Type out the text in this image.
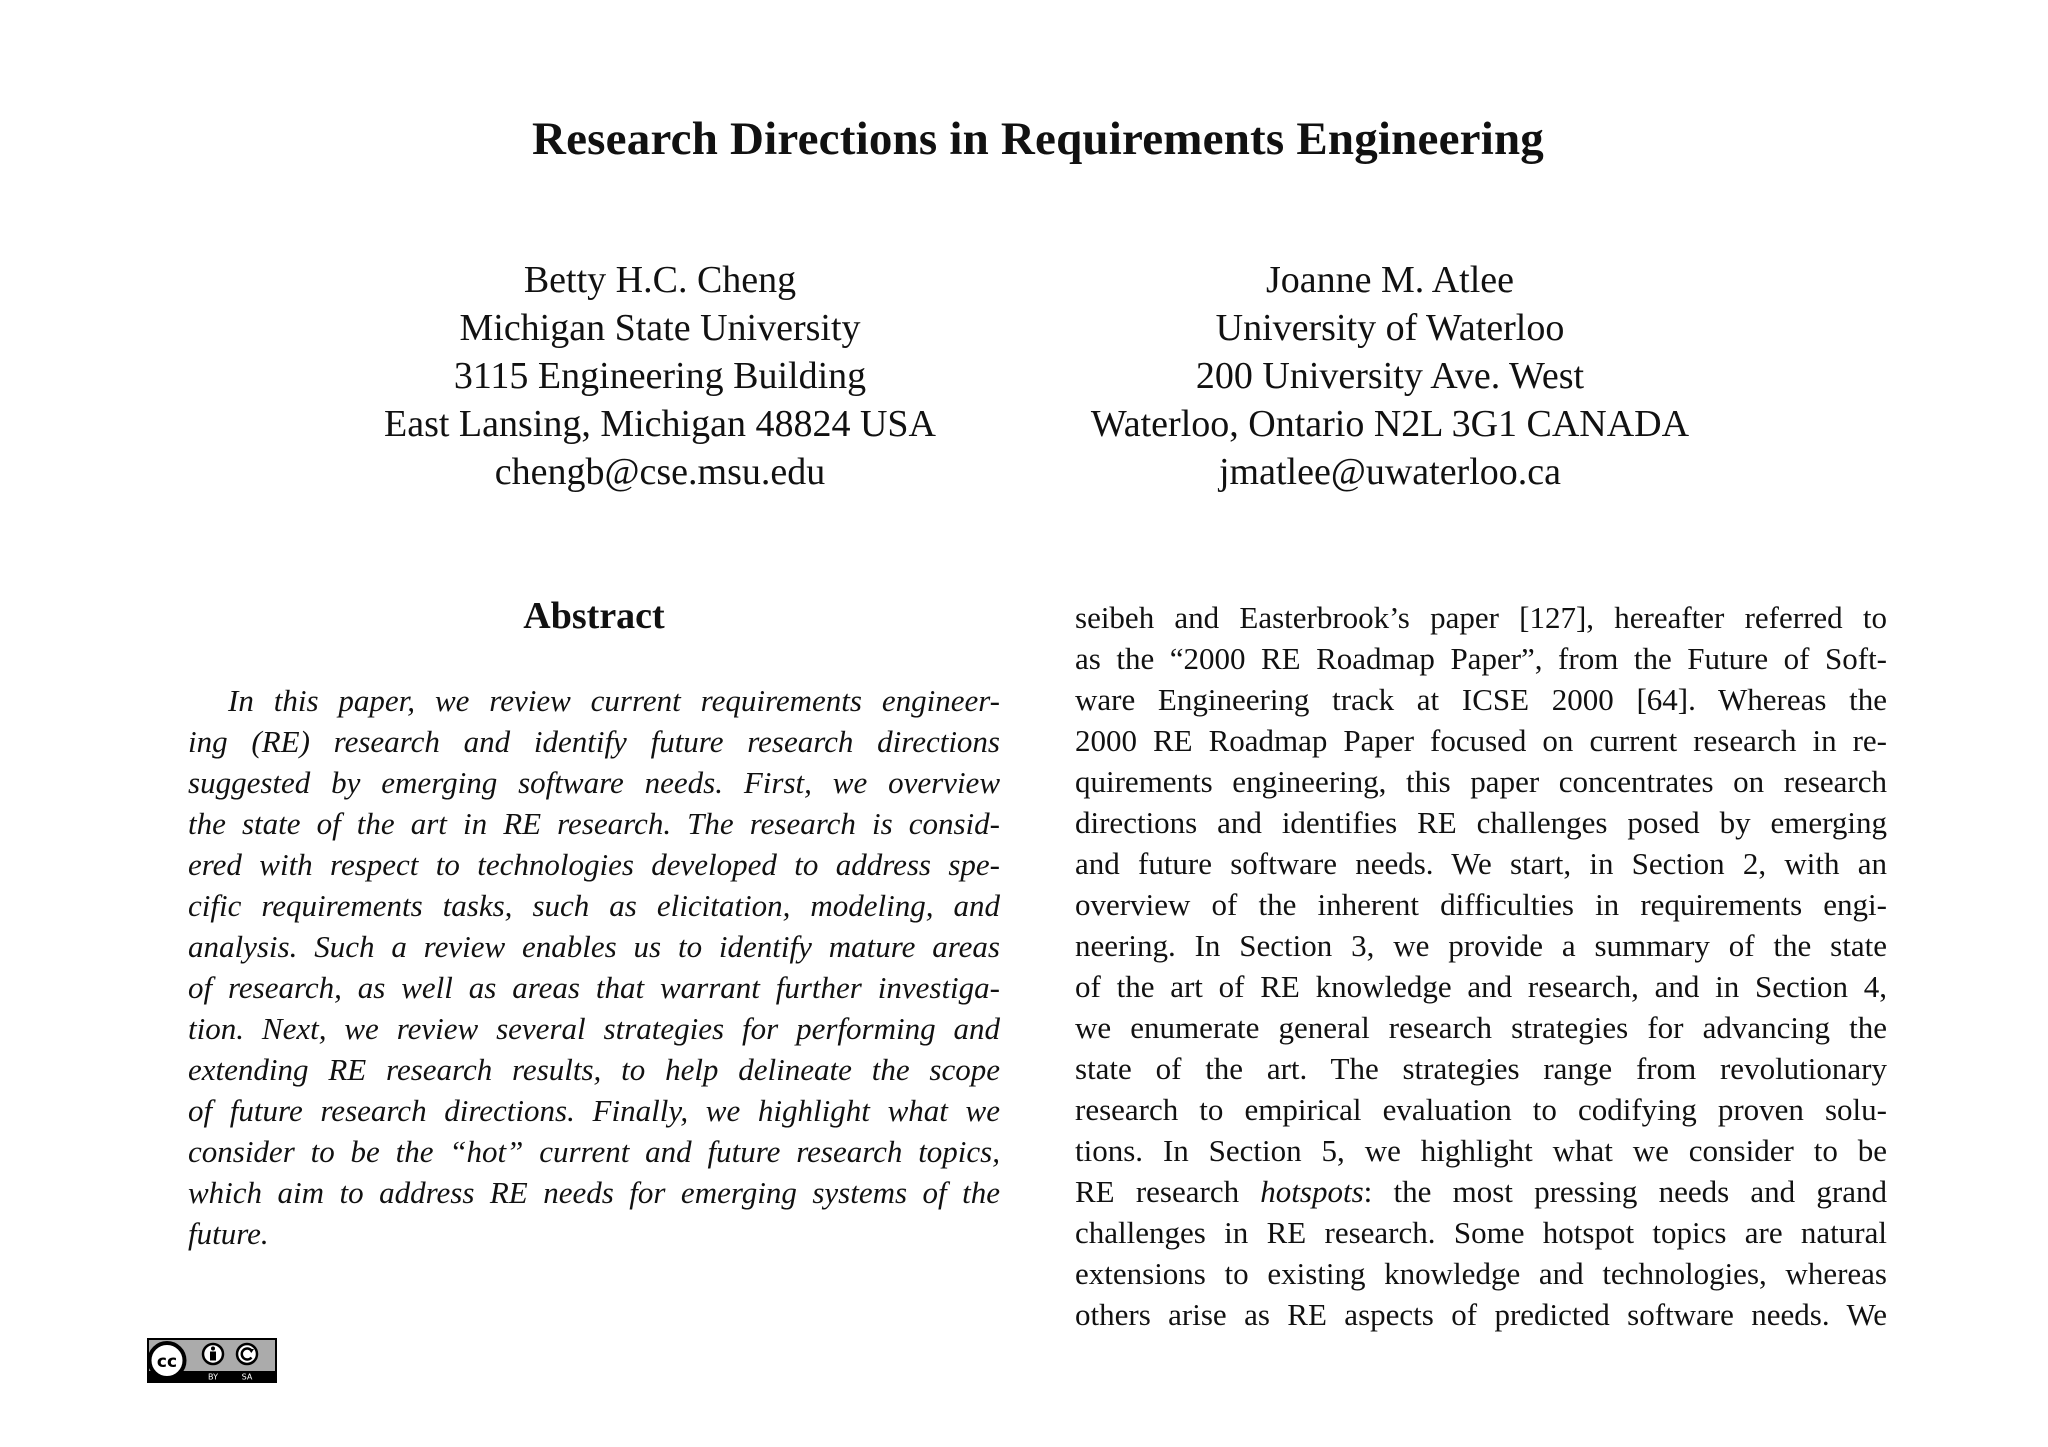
Research Directions in Requirements Engineering
Betty H.C. Cheng
Michigan State University
3115 Engineering Building
East Lansing, Michigan 48824 USA
chengb@cse.msu.edu
Joanne M. Atlee
University of Waterloo
200 University Ave. West
Waterloo, Ontario N2L 3G1 CANADA
jmatlee@uwaterloo.ca
Abstract
In this paper, we review current requirements engineer-
ing (RE) research and identify future research directions
suggested by emerging software needs. First, we overview
the state of the art in RE research. The research is consid-
ered with respect to technologies developed to address spe-
cific requirements tasks, such as elicitation, modeling, and
analysis. Such a review enables us to identify mature areas
of research, as well as areas that warrant further investiga-
tion. Next, we review several strategies for performing and
extending RE research results, to help delineate the scope
of future research directions. Finally, we highlight what we
consider to be the “hot” current and future research topics,
which aim to address RE needs for emerging systems of the
future.
seibeh and Easterbrook’s paper [127], hereafter referred to
as the “2000 RE Roadmap Paper”, from the Future of Soft-
ware Engineering track at ICSE 2000 [64]. Whereas the
2000 RE Roadmap Paper focused on current research in re-
quirements engineering, this paper concentrates on research
directions and identifies RE challenges posed by emerging
and future software needs. We start, in Section 2, with an
overview of the inherent difficulties in requirements engi-
neering. In Section 3, we provide a summary of the state
of the art of RE knowledge and research, and in Section 4,
we enumerate general research strategies for advancing the
state of the art. The strategies range from revolutionary
research to empirical evaluation to codifying proven solu-
tions. In Section 5, we highlight what we consider to be
RE research hotspots: the most pressing needs and grand
challenges in RE research. Some hotspot topics are natural
extensions to existing knowledge and technologies, whereas
others arise as RE aspects of predicted software needs. We
cc
BY	SA
